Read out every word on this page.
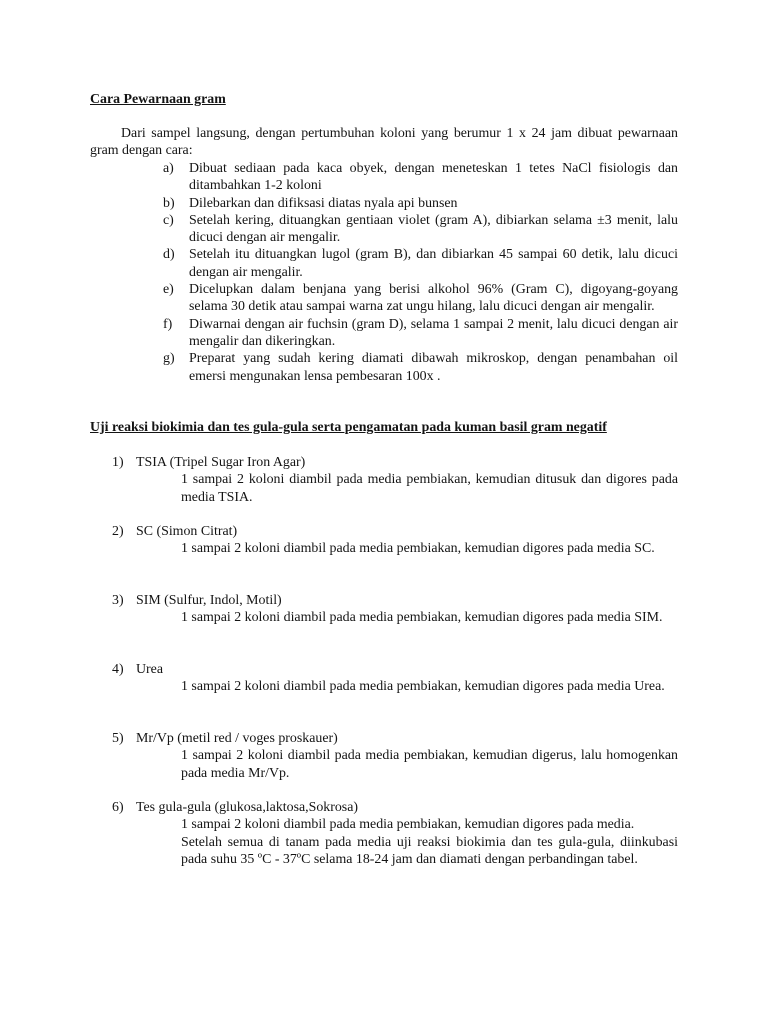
Cara Pewarnaan gram
Dari sampel langsung, dengan pertumbuhan koloni yang berumur 1 x 24 jam dibuat pewarnaan gram dengan cara:
a)	Dibuat sediaan pada kaca obyek, dengan meneteskan 1 tetes NaCl fisiologis dan ditambahkan 1-2 koloni
b)	Dilebarkan dan difiksasi diatas nyala api bunsen
c)	Setelah kering, dituangkan gentiaan violet (gram A), dibiarkan selama ±3 menit, lalu dicuci dengan air mengalir.
d)	Setelah itu dituangkan lugol (gram B), dan dibiarkan 45 sampai 60 detik, lalu dicuci dengan air mengalir.
e)	Dicelupkan dalam benjana yang berisi alkohol 96% (Gram C), digoyang-goyang selama 30 detik atau sampai warna zat ungu hilang, lalu dicuci dengan air mengalir.
f)	Diwarnai dengan air fuchsin (gram D), selama 1 sampai 2 menit, lalu dicuci dengan air mengalir dan dikeringkan.
g)	Preparat yang sudah kering diamati dibawah mikroskop, dengan penambahan oil emersi mengunakan lensa pembesaran 100x .
Uji reaksi biokimia dan tes gula-gula serta pengamatan pada kuman basil gram negatif
1) TSIA (Tripel Sugar Iron Agar)
1 sampai 2 koloni diambil pada media pembiakan, kemudian ditusuk dan digores pada media TSIA.
2) SC (Simon Citrat)
1 sampai 2 koloni diambil pada media pembiakan, kemudian digores pada media SC.
3) SIM (Sulfur, Indol, Motil)
1 sampai 2 koloni diambil pada media pembiakan, kemudian digores pada media SIM.
4) Urea
1 sampai 2 koloni diambil pada media pembiakan, kemudian digores pada media Urea.
5) Mr/Vp (metil red / voges proskauer)
1 sampai 2 koloni diambil pada media pembiakan, kemudian digerus, lalu homogenkan pada media Mr/Vp.
6) Tes gula-gula (glukosa,laktosa,Sokrosa)
1 sampai 2 koloni diambil pada media pembiakan, kemudian digores pada media.
Setelah semua di tanam pada media uji reaksi biokimia dan tes gula-gula, diinkubasi pada suhu 35 ºC - 37ºC selama 18-24 jam dan diamati dengan perbandingan tabel.
